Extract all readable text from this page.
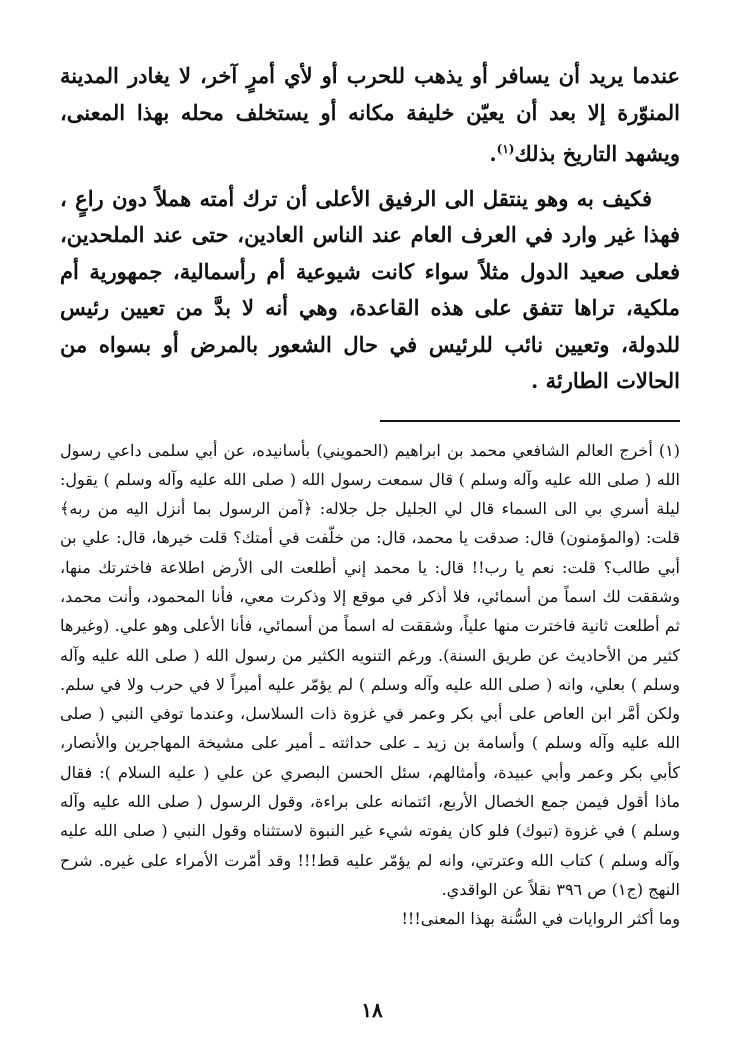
عندما يريد أن يسافر أو يذهب للحرب أو لأي أمرٍ آخر، لا يغادر المدينة المنوّرة إلا بعد أن يعيّن خليفة مكانه أو يستخلف محله بهذا المعنى، ويشهد التاريخ بذلك$^{(١)}$.

فكيف به وهو ينتقل الى الرفيق الأعلى أن ترك أمته هملاً دون راعٍ ، فهذا غير وارد في العرف العام عند الناس العادين، حتى عند الملحدين، فعلى صعيد الدول مثلاً سواء كانت شيوعية أم رأسمالية، جمهورية أم ملكية، تراها تتفق على هذه القاعدة، وهي أنه لا بدَّ من تعيين رئيس للدولة، وتعيين نائب للرئيس في حال الشعور بالمرض أو بسواه من الحالات الطارئة .

(١) أخرج العالم الشافعي محمد بن ابراهيم (الحمويني) بأسانيده، عن أبي سلمى داعي رسول الله ( صلى الله عليه وآله وسلم ) قال سمعت رسول الله ( صلى الله عليه وآله وسلم ) يقول: ليلة أسري بي الى السماء قال لي الجليل جل جلاله: ﴿آمن الرسول بما أنزل اليه من ربه﴾ قلت: (والمؤمنون) قال: صدقت يا محمد، قال: من خلّفت في أمتك؟ قلت خيرها، قال: علي بن أبي طالب؟ قلت: نعم يا رب!! قال: يا محمد إني أطلعت الى الأرض اطلاعة فاخترتك منها، وشققت لك اسماً من أسمائي، فلا أذكر في موقع إلا وذكرت معي، فأنا المحمود، وأنت محمد، ثم أطلعت ثانية فاخترت منها علياً، وشققت له اسماً من أسمائي، فأنا الأعلى وهو علي. (وغيرها كثير من الأحاديث عن طريق السنة). ورغم التنويه الكثير من رسول الله ( صلى الله عليه وآله وسلم ) بعلي، وانه ( صلى الله عليه وآله وسلم ) لم يؤمّر عليه أميراً لا في حرب ولا في سلم. ولكن أمَّر ابن العاص على أبي بكر وعمر في غزوة ذات السلاسل، وعندما توفي النبي ( صلى الله عليه وآله وسلم ) وأسامة بن زيد ـ على حداثته ـ أمير على مشيخة المهاجرين والأنصار، كأبي بكر وعمر وأبي عبيدة، وأمثالهم، سئل الحسن البصري عن علي ( عليه السلام ): فقال ماذا أقول فيمن جمع الخصال الأربع، ائتمانه على براءة، وقول الرسول ( صلى الله عليه وآله وسلم ) في غزوة (تبوك) فلو كان يفوته شيء غير النبوة لاستثناه وقول النبي ( صلى الله عليه وآله وسلم ) كتاب الله وعترتي، وانه لم يؤمّر عليه قط!!! وقد أمّرت الأمراء على غيره. شرح النهج (ج١) ص ٣٩٦ نقلاً عن الواقدي.

وما أكثر الروايات في السُّنة بهذا المعنى!!!

١٨
